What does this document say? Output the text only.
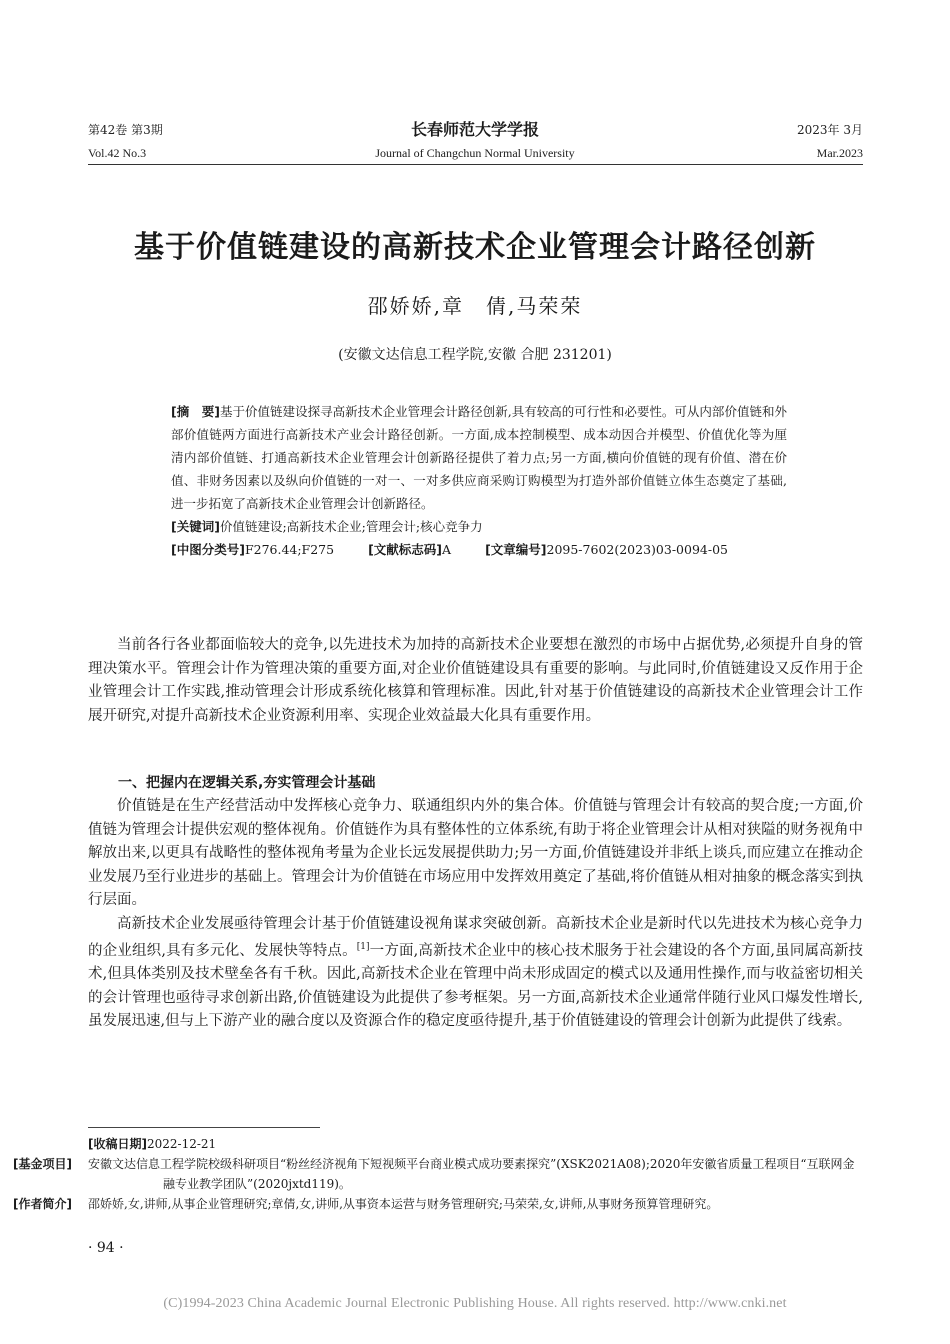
第42卷 第3期
Vol.42 No.3
长春师范大学学报
Journal of Changchun Normal University
2023年 3月
Mar.2023
基于价值链建设的高新技术企业管理会计路径创新
邵娇娇,章　倩,马荣荣
(安徽文达信息工程学院,安徽 合肥 231201)
[摘　要]基于价值链建设探寻高新技术企业管理会计路径创新,具有较高的可行性和必要性。可从内部价值链和外部价值链两方面进行高新技术产业会计路径创新。一方面,成本控制模型、成本动因合并模型、价值优化等为厘清内部价值链、打通高新技术企业管理会计创新路径提供了着力点;另一方面,横向价值链的现有价值、潜在价值、非财务因素以及纵向价值链的一对一、一对多供应商采购订购模型为打造外部价值链立体生态奠定了基础,进一步拓宽了高新技术企业管理会计创新路径。
[关键词]价值链建设;高新技术企业;管理会计;核心竞争力
[中图分类号]F276.44;F275	[文献标志码]A	[文章编号]2095-7602(2023)03-0094-05

当前各行各业都面临较大的竞争,以先进技术为加持的高新技术企业要想在激烈的市场中占据优势,必须提升自身的管理决策水平。管理会计作为管理决策的重要方面,对企业价值链建设具有重要的影响。与此同时,价值链建设又反作用于企业管理会计工作实践,推动管理会计形成系统化核算和管理标准。因此,针对基于价值链建设的高新技术企业管理会计工作展开研究,对提升高新技术企业资源利用率、实现企业效益最大化具有重要作用。

一、把握内在逻辑关系,夯实管理会计基础

价值链是在生产经营活动中发挥核心竞争力、联通组织内外的集合体。价值链与管理会计有较高的契合度;一方面,价值链为管理会计提供宏观的整体视角。价值链作为具有整体性的立体系统,有助于将企业管理会计从相对狭隘的财务视角中解放出来,以更具有战略性的整体视角考量为企业长远发展提供助力;另一方面,价值链建设并非纸上谈兵,而应建立在推动企业发展乃至行业进步的基础上。管理会计为价值链在市场应用中发挥效用奠定了基础,将价值链从相对抽象的概念落实到执行层面。

高新技术企业发展亟待管理会计基于价值链建设视角谋求突破创新。高新技术企业是新时代以先进技术为核心竞争力的企业组织,具有多元化、发展快等特点。[1]一方面,高新技术企业中的核心技术服务于社会建设的各个方面,虽同属高新技术,但具体类别及技术壁垒各有千秋。因此,高新技术企业在管理中尚未形成固定的模式以及通用性操作,而与收益密切相关的会计管理也亟待寻求创新出路,价值链建设为此提供了参考框架。另一方面,高新技术企业通常伴随行业风口爆发性增长,虽发展迅速,但与上下游产业的融合度以及资源合作的稳定度亟待提升,基于价值链建设的管理会计创新为此提供了线索。

[收稿日期]2022-12-21
[基金项目] 安徽文达信息工程学院校级科研项目“粉丝经济视角下短视频平台商业模式成功要素探究”(XSK2021A08);2020年安徽省质量工程项目“互联网金融专业教学团队”(2020jxtd119)。
[作者简介] 邵娇娇,女,讲师,从事企业管理研究;章倩,女,讲师,从事资本运营与财务管理研究;马荣荣,女,讲师,从事财务预算管理研究。
· 94 ·
(C)1994-2023 China Academic Journal Electronic Publishing House. All rights reserved. http://www.cnki.net
